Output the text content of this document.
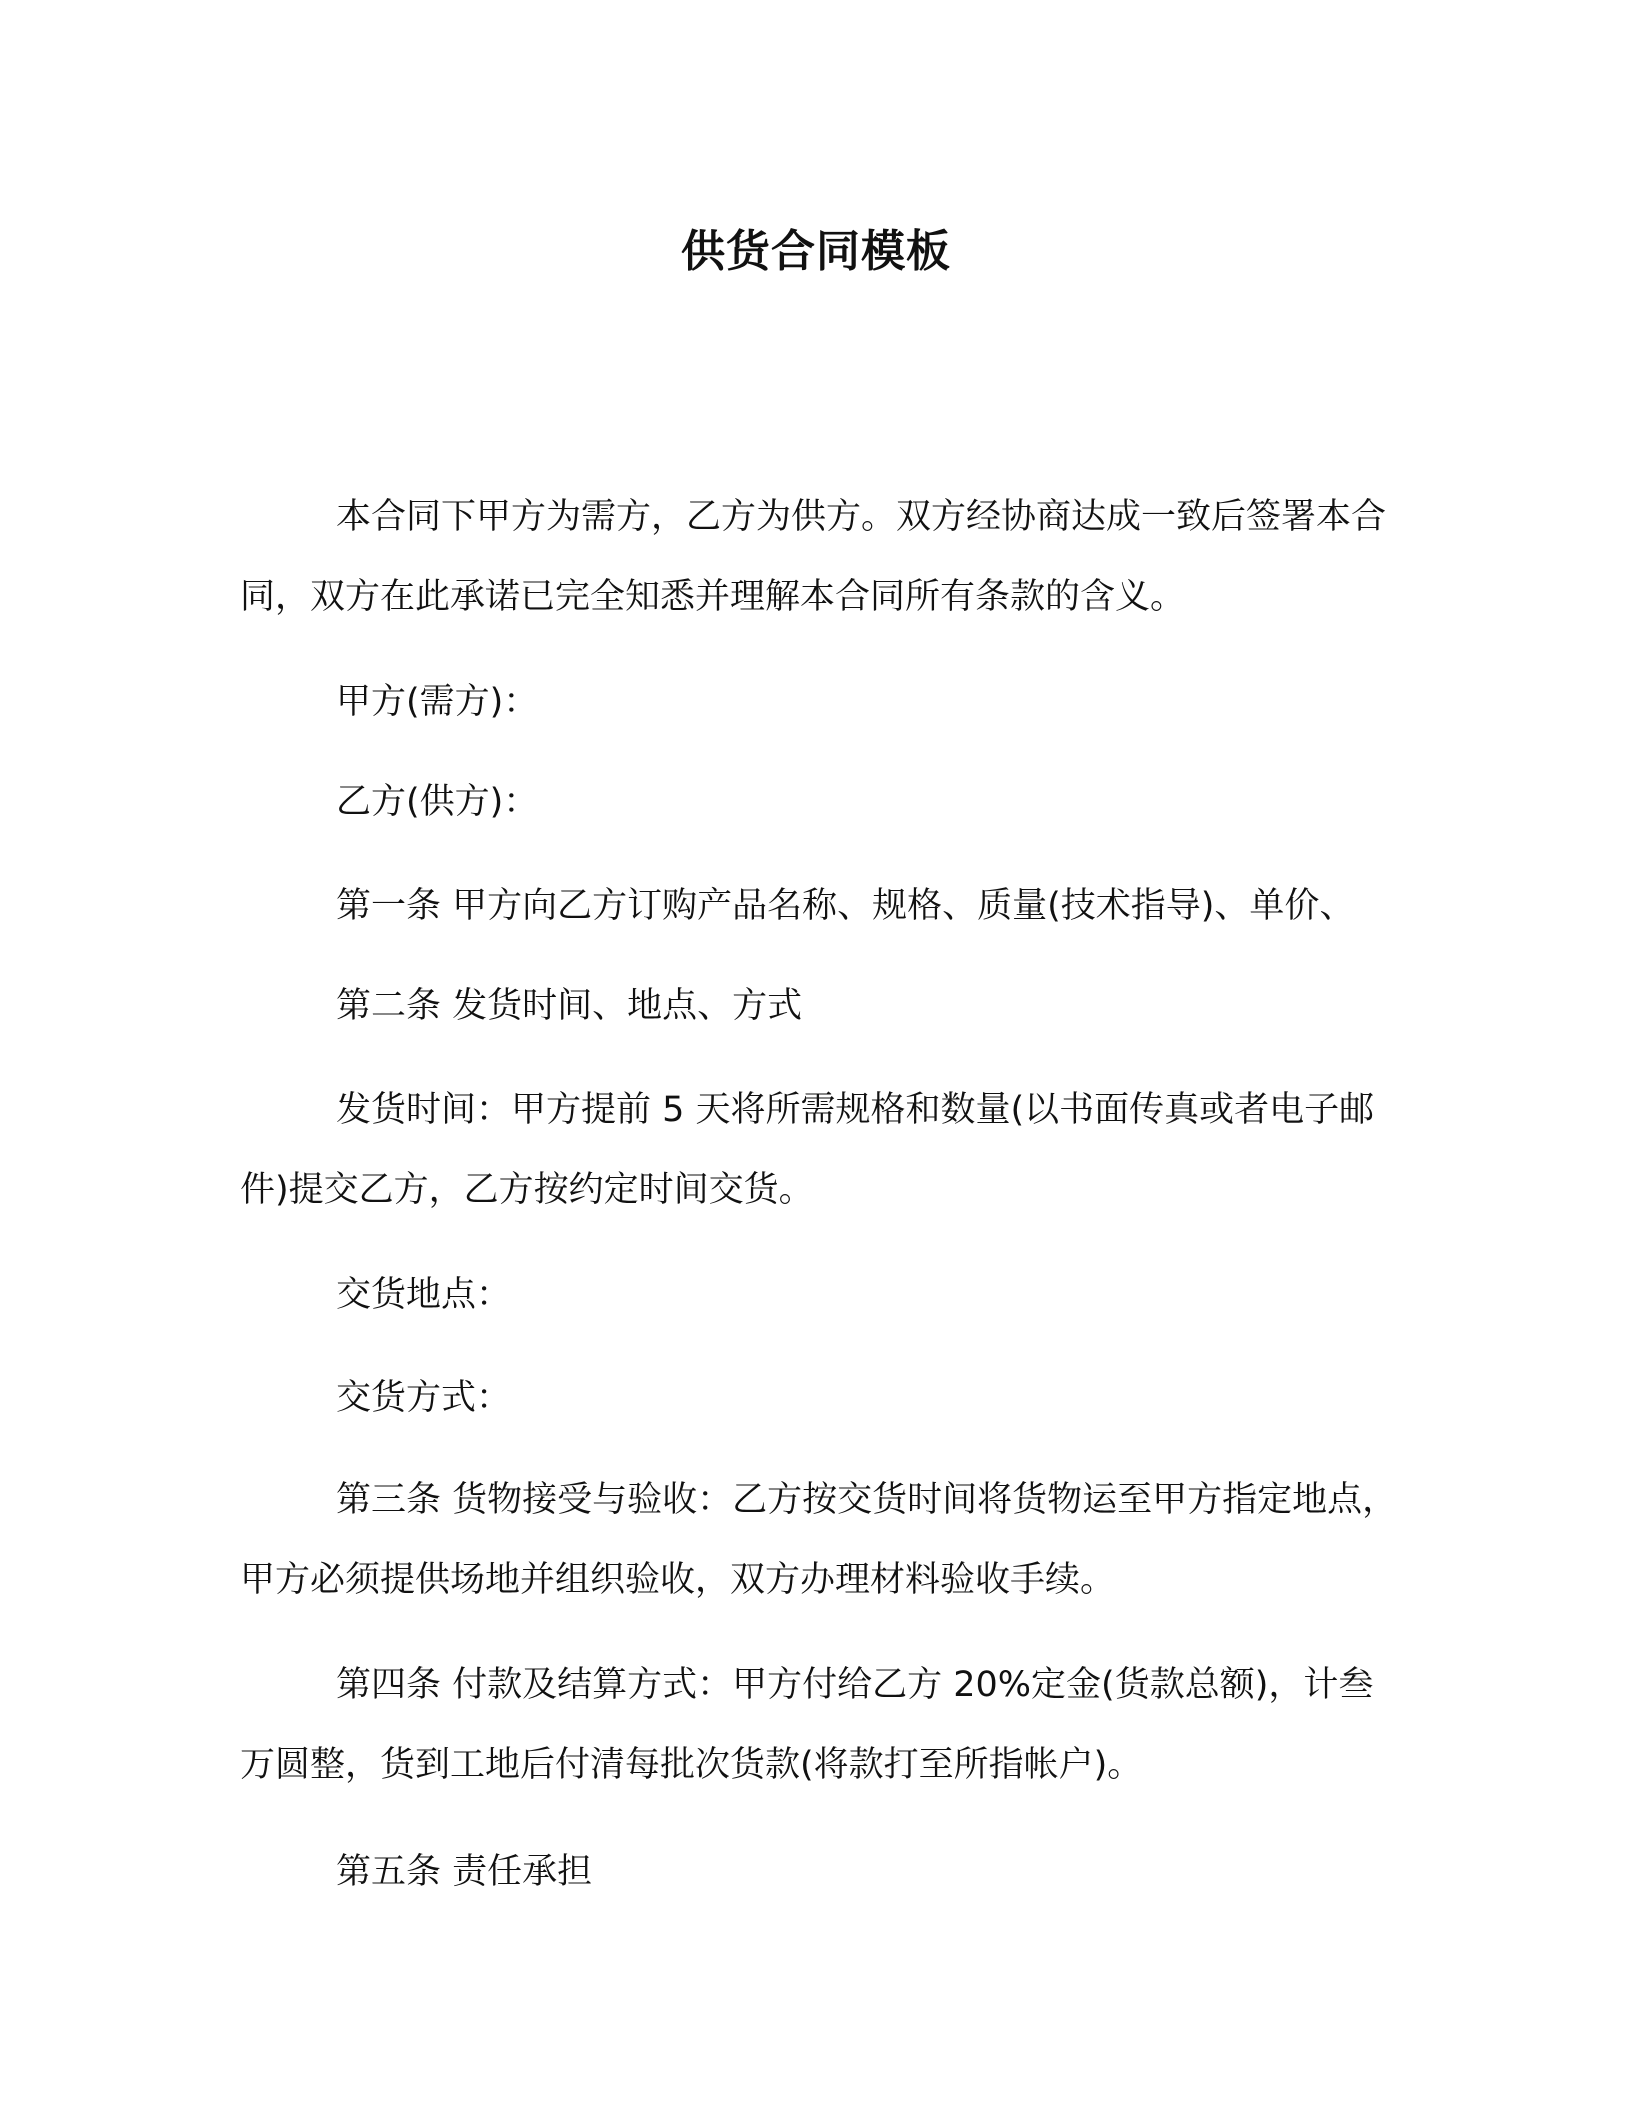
供货合同模板
本合同下甲方为需方，乙方为供方。双方经协商达成一致后签署本合同，双方在此承诺已完全知悉并理解本合同所有条款的含义。
甲方(需方)：
乙方(供方)：
第一条 甲方向乙方订购产品名称、规格、质量(技术指导)、单价、
第二条 发货时间、地点、方式
发货时间：甲方提前 5 天将所需规格和数量(以书面传真或者电子邮件)提交乙方，乙方按约定时间交货。
交货地点：
交货方式：
第三条 货物接受与验收：乙方按交货时间将货物运至甲方指定地点，甲方必须提供场地并组织验收，双方办理材料验收手续。
第四条 付款及结算方式：甲方付给乙方 20%定金(货款总额)，计叁万圆整，货到工地后付清每批次货款(将款打至所指帐户)。
第五条 责任承担
